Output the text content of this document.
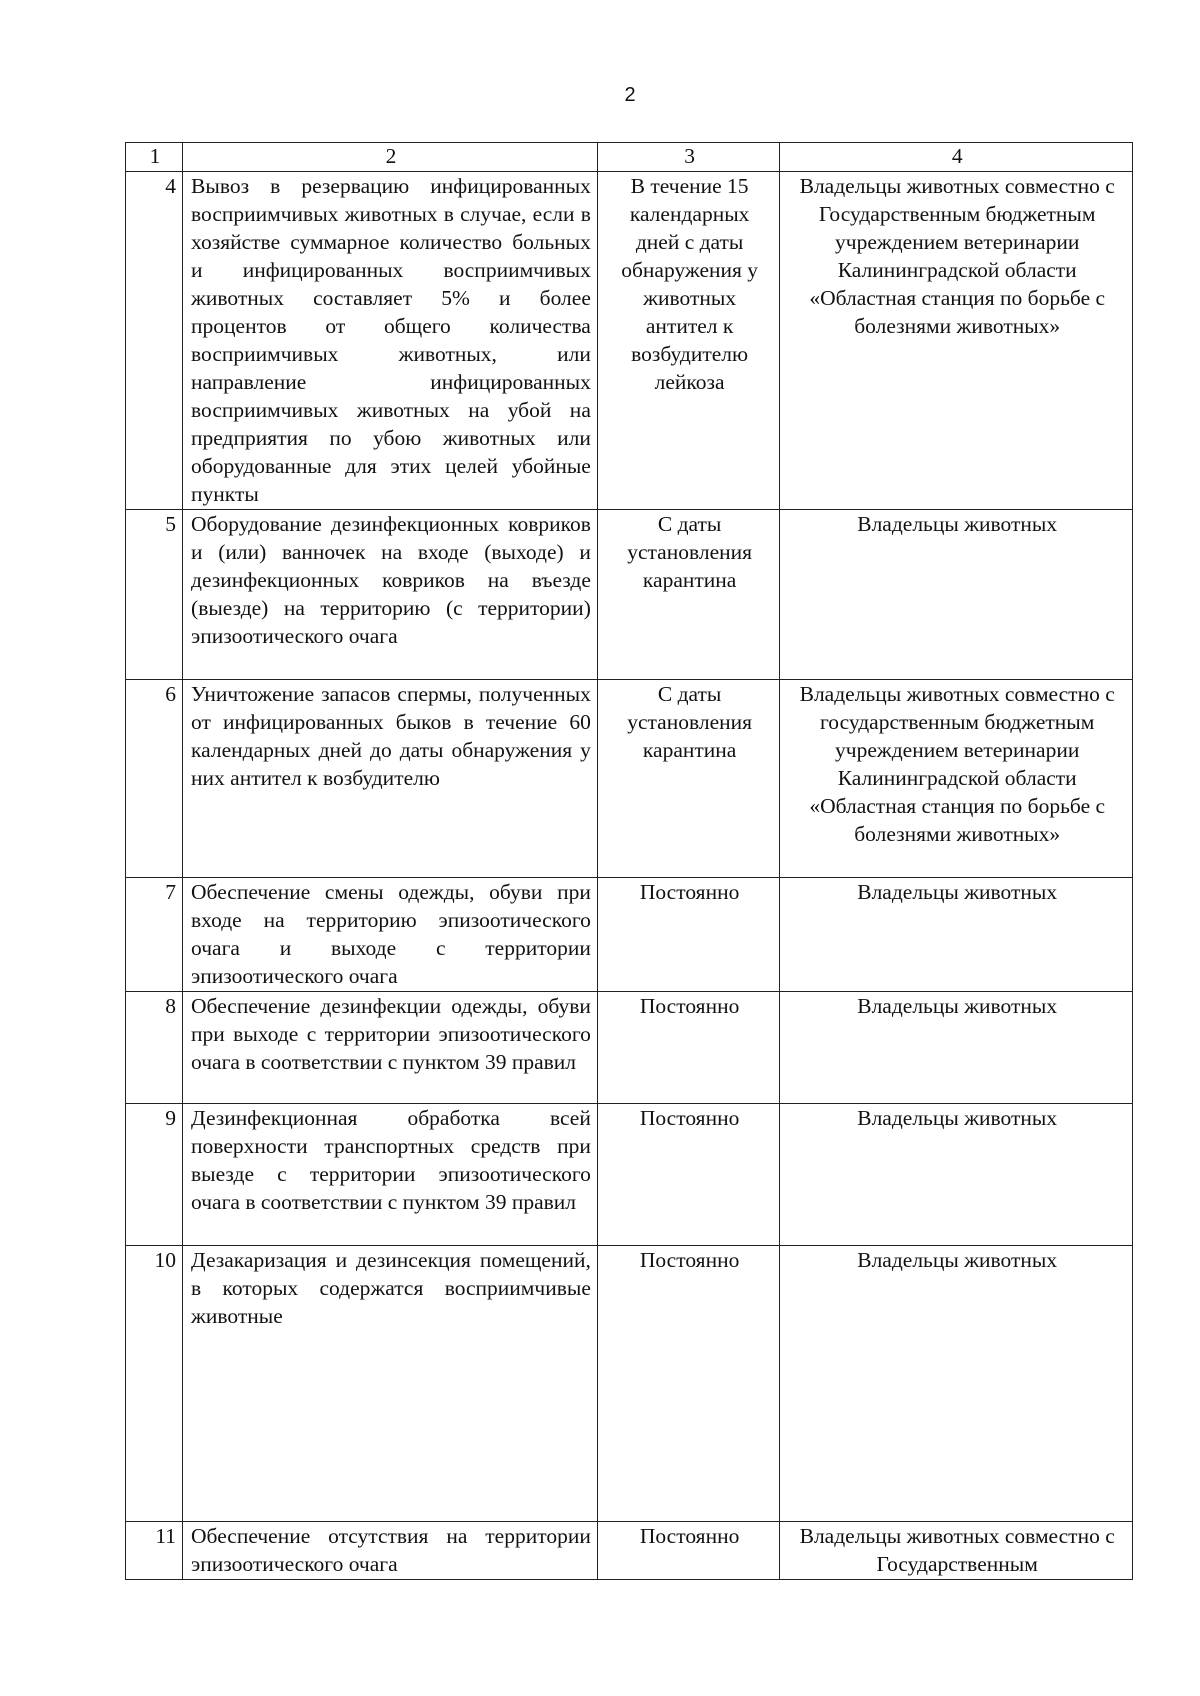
2
1	2	3	4
4	Вывоз в резервацию инфицированных восприимчивых животных в случае, если в хозяйстве суммарное количество больных и инфицированных восприимчивых животных составляет 5% и более процентов от общего количества восприимчивых животных, или направление инфицированных восприимчивых животных на убой на предприятия по убою животных или оборудованные для этих целей убойные пункты	В течение 15 календарных дней с даты обнаружения у животных антител к возбудителю лейкоза	Владельцы животных совместно с Государственным бюджетным учреждением ветеринарии Калининградской области «Областная станция по борьбе с болезнями животных»
5	Оборудование дезинфекционных ковриков и (или) ванночек на входе (выходе) и дезинфекционных ковриков на въезде (выезде) на территорию (с территории) эпизоотического очага	С даты установления карантина	Владельцы животных
6	Уничтожение запасов спермы, полученных от инфицированных быков в течение 60 календарных дней до даты обнаружения у них антител к возбудителю	С даты установления карантина	Владельцы животных совместно с государственным бюджетным учреждением ветеринарии Калининградской области «Областная станция по борьбе с болезнями животных»
7	Обеспечение смены одежды, обуви при входе на территорию эпизоотического очага и выходе с территории эпизоотического очага	Постоянно	Владельцы животных
8	Обеспечение дезинфекции одежды, обуви при выходе с территории эпизоотического очага в соответствии с пунктом 39 правил	Постоянно	Владельцы животных
9	Дезинфекционная обработка всей поверхности транспортных средств при выезде с территории эпизоотического очага в соответствии с пунктом 39 правил	Постоянно	Владельцы животных
10	Дезакаризация и дезинсекция помещений, в которых содержатся восприимчивые животные	Постоянно	Владельцы животных
11	Обеспечение отсутствия на территории эпизоотического очага	Постоянно	Владельцы животных совместно с Государственным
